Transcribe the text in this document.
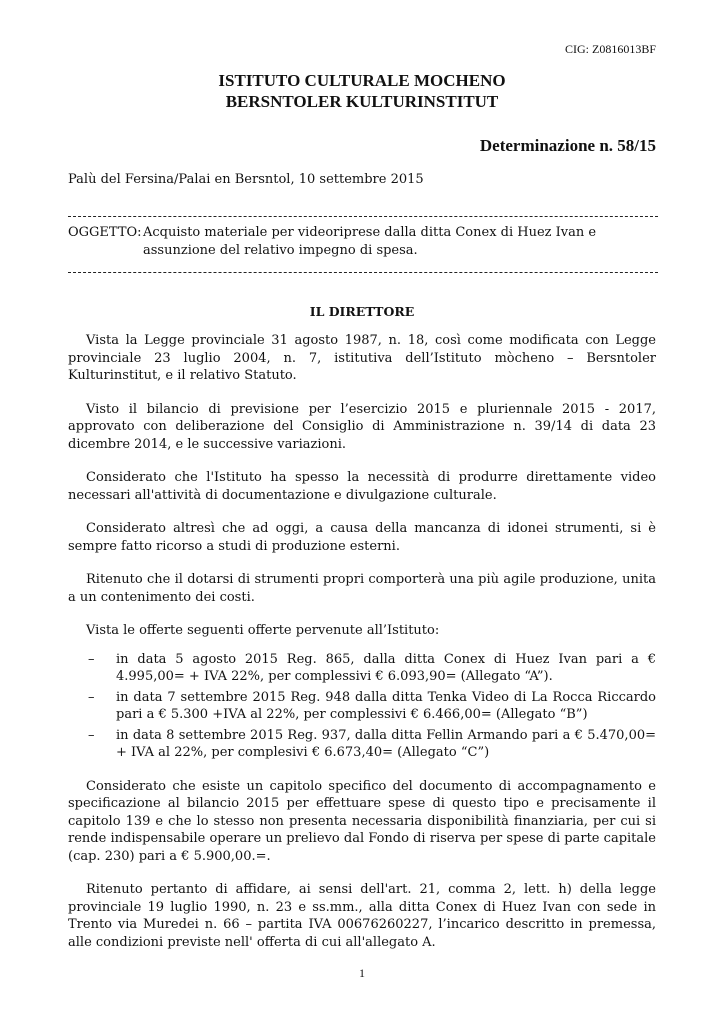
CIG: Z0816013BF
ISTITUTO CULTURALE MOCHENO
BERSNTOLER KULTURINSTITUT
Determinazione n. 58/15
Palù del Fersina/Palai en Bersntol, 10 settembre 2015
OGGETTO: Acquisto materiale per videoriprese dalla ditta Conex di Huez Ivan e assunzione del relativo impegno di spesa.
IL DIRETTORE

Vista la Legge provinciale 31 agosto 1987, n. 18, così come modificata con Legge provinciale 23 luglio 2004, n. 7, istitutiva dell’Istituto mòcheno – Bersntoler Kulturinstitut, e il relativo Statuto.

Visto il bilancio di previsione per l’esercizio 2015 e pluriennale 2015 - 2017, approvato con deliberazione del Consiglio di Amministrazione n. 39/14 di data 23 dicembre 2014, e le successive variazioni.

Considerato che l'Istituto ha spesso la necessità di produrre direttamente video necessari all'attività di documentazione e divulgazione culturale.

Considerato altresì che ad oggi, a causa della mancanza di idonei strumenti, si è sempre fatto ricorso a studi di produzione esterni.

Ritenuto che il dotarsi di strumenti propri comporterà una più agile produzione, unita a un contenimento dei costi.

Vista le offerte seguenti offerte pervenute all’Istituto:

– in data 5 agosto 2015 Reg. 865, dalla ditta Conex di Huez Ivan pari a € 4.995,00= + IVA 22%, per complessivi € 6.093,90= (Allegato “A”).
– in data 7 settembre 2015 Reg. 948 dalla ditta Tenka Video di La Rocca Riccardo pari a € 5.300 +IVA al 22%, per complessivi € 6.466,00= (Allegato “B”)
– in data 8 settembre 2015 Reg. 937, dalla ditta Fellin Armando pari a € 5.470,00= + IVA al 22%, per complesivi € 6.673,40= (Allegato “C”)

Considerato che esiste un capitolo specifico del documento di accompagnamento e specificazione al bilancio 2015 per effettuare spese di questo tipo e precisamente il capitolo 139 e che lo stesso non presenta necessaria disponibilità finanziaria, per cui si rende indispensabile operare un prelievo dal Fondo di riserva per spese di parte capitale (cap. 230) pari a € 5.900,00.=.

Ritenuto pertanto di affidare, ai sensi dell'art. 21, comma 2, lett. h) della legge provinciale 19 luglio 1990, n. 23 e ss.mm., alla ditta Conex di Huez Ivan con sede in Trento via Muredei n. 66 – partita IVA 00676260227, l’incarico descritto in premessa, alle condizioni previste nell' offerta di cui all'allegato A.

1
